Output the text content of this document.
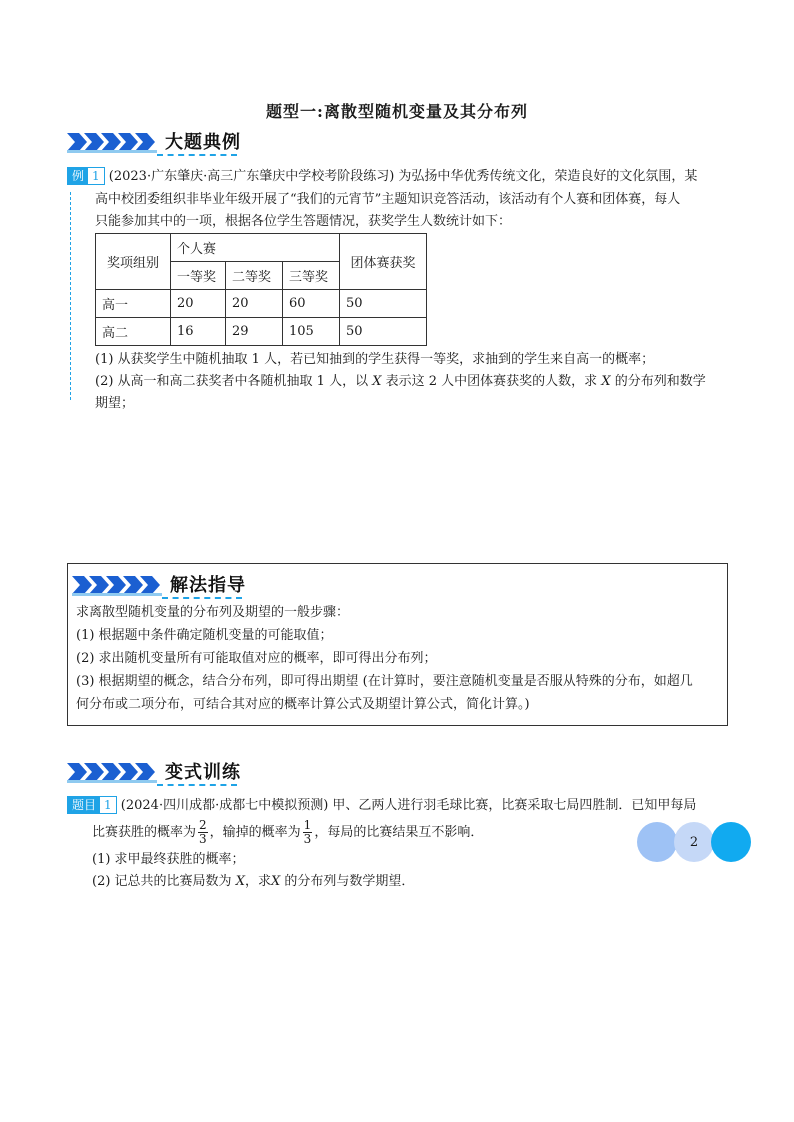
题型一:离散型随机变量及其分布列
大题典例
例 1 (2023·广东肇庆·高三广东肇庆中学校考阶段练习) 为弘扬中华优秀传统文化，荣造良好的文化氛围，某
高中校团委组织非毕业年级开展了“我们的元宵节”主题知识竞答活动，该活动有个人赛和团体赛，每人
只能参加其中的一项，根据各位学生答题情况，获奖学生人数统计如下：
奖项组别	个人赛			团体赛获奖
	一等奖	二等奖	三等奖	
高一	20	20	60	50
高二	16	29	105	50
(1) 从获奖学生中随机抽取 1 人，若已知抽到的学生获得一等奖，求抽到的学生来自高一的概率；
(2) 从高一和高二获奖者中各随机抽取 1 人，以 X 表示这 2 人中团体赛获奖的人数，求 X 的分布列和数学
期望；
解法指导
求离散型随机变量的分布列及期望的一般步骤：
(1) 根据题中条件确定随机变量的可能取值；
(2) 求出随机变量所有可能取值对应的概率，即可得出分布列；
(3) 根据期望的概念，结合分布列，即可得出期望 (在计算时，要注意随机变量是否服从特殊的分布，如超几
何分布或二项分布，可结合其对应的概率计算公式及期望计算公式，简化计算。)
变式训练
题目 1 (2024·四川成都·成都七中模拟预测) 甲、乙两人进行羽毛球比赛，比赛采取七局四胜制．已知甲每局
比赛获胜的概率为 $\frac{2}{3}$ ，输掉的概率为 $\frac{1}{3}$ ，每局的比赛结果互不影响．
(1) 求甲最终获胜的概率；
(2) 记总共的比赛局数为 X，求X 的分布列与数学期望．
2
